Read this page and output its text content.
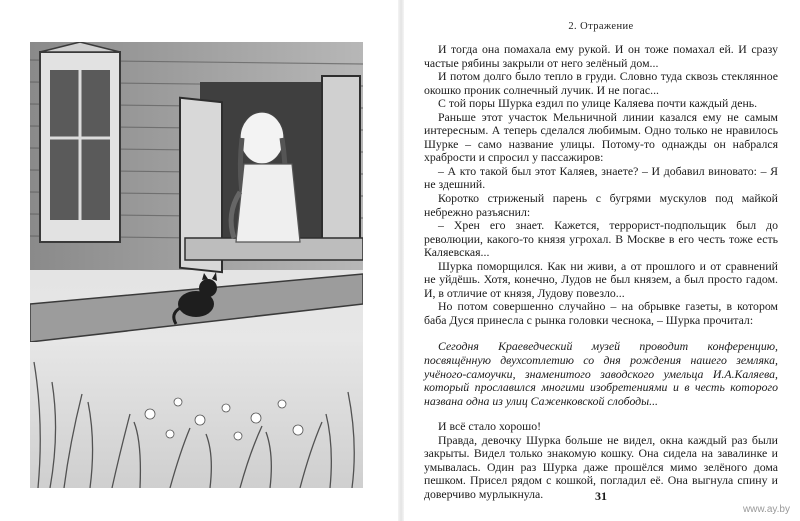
2. Отражение

И тогда она помахала ему рукой. И он тоже помахал ей. И сразу частые рябины закрыли от него зелёный дом...

И потом долго было тепло в груди. Словно туда сквозь стеклянное окошко проник солнечный лучик. И не погас...

С той поры Шурка ездил по улице Каляева почти каждый день.

Раньше этот участок Мельничной линии казался ему не самым интересным. А теперь сделался любимым. Одно только не нравилось Шурке – само название улицы. Потому-то однажды он набрался храбрости и спросил у пассажиров:

– А кто такой был этот Каляев, знаете? – И добавил виновато: – Я не здешний.

Коротко стриженый парень с бугрями мускулов под майкой небрежно разъяснил:

– Хрен его знает. Кажется, террорист-подпольщик был до революции, какого-то князя угрохал. В Москве в его честь тоже есть Каляевская...

Шурка поморщился. Как ни живи, а от прошлого и от сравнений не уйдёшь. Хотя, конечно, Лудов не был князем, а был просто гадом. И, в отличие от князя, Лудову повезло...

Но потом совершенно случайно – на обрывке газеты, в котором баба Дуся принесла с рынка головки чеснока, – Шурка прочитал:

Сегодня Краеведческий музей проводит конференцию, посвящённую двухсотлетию со дня рождения нашего земляка, учёного-самоучки, знаменитого заводского умельца И.А.Каляева, который прославился многими изобретениями и в честь которого названа одна из улиц Саженковской слободы...

И всё стало хорошо!

Правда, девочку Шурка больше не видел, окна каждый раз были закрыты. Видел только знакомую кошку. Она сидела на завалинке и умывалась. Один раз Шурка даже прошёлся мимо зелёного дома пешком. Присел рядом с кошкой, погладил её. Она выгнула спину и доверчиво мурлыкнула.	31
www.ay.by
